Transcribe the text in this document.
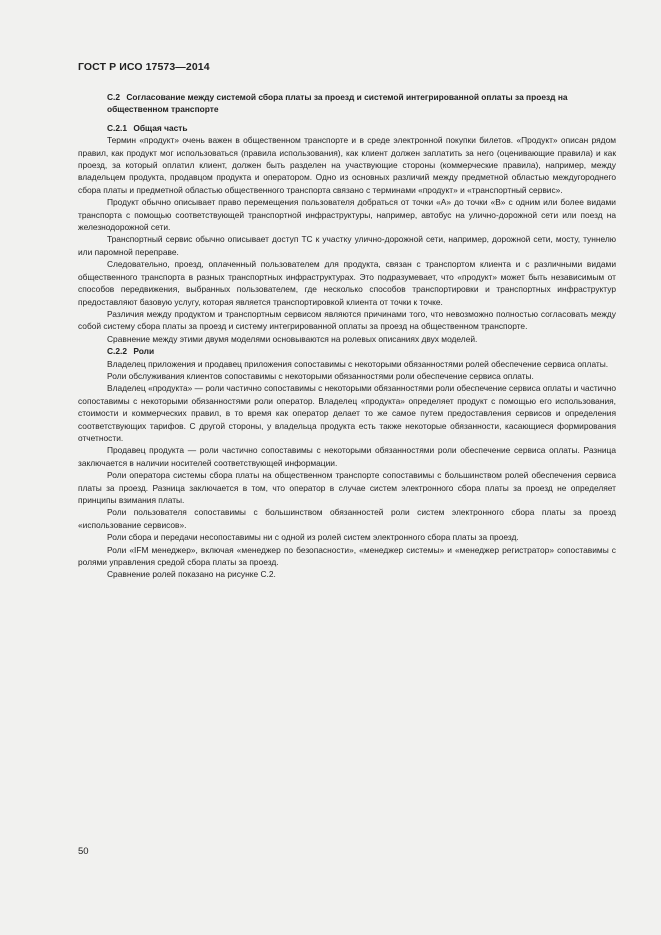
ГОСТ Р ИСО 17573—2014
C.2 Согласование между системой сбора платы за проезд и системой интегрированной оплаты за проезд на общественном транспорте
C.2.1 Общая часть

Термин «продукт» очень важен в общественном транспорте и в среде электронной покупки билетов. «Продукт» описан рядом правил, как продукт мог использоваться (правила использования), как клиент должен заплатить за него (оценивающие правила) и как проезд, за который оплатил клиент, должен быть разделен на участвующие стороны (коммерческие правила), например, между владельцем продукта, продавцом продукта и оператором. Одно из основных различий между предметной областью междугороднего сбора платы и предметной областью общественного транспорта связано с терминами «продукт» и «транспортный сервис».

Продукт обычно описывает право перемещения пользователя добраться от точки «А» до точки «В» с одним или более видами транспорта с помощью соответствующей транспортной инфраструктуры, например, автобус на улично-дорожной сети или поезд на железнодорожной сети.

Транспортный сервис обычно описывает доступ ТС к участку улично-дорожной сети, например, дорожной сети, мосту, туннелю или паромной переправе.

Следовательно, проезд, оплаченный пользователем для продукта, связан с транспортом клиента и с различными видами общественного транспорта в разных транспортных инфраструктурах. Это подразумевает, что «продукт» может быть независимым от способов передвижения, выбранных пользователем, где несколько способов транспортировки и транспортных инфраструктур предоставляют базовую услугу, которая является транспортировкой клиента от точки к точке.

Различия между продуктом и транспортным сервисом являются причинами того, что невозможно полностью согласовать между собой систему сбора платы за проезд и систему интегрированной оплаты за проезд на общественном транспорте.

Сравнение между этими двумя моделями основываются на ролевых описаниях двух моделей.

C.2.2 Роли

Владелец приложения и продавец приложения сопоставимы с некоторыми обязанностями ролей обеспечение сервиса оплаты.

Роли обслуживания клиентов сопоставимы с некоторыми обязанностями роли обеспечение сервиса оплаты.

Владелец «продукта» — роли частично сопоставимы с некоторыми обязанностями роли обеспечение сервиса оплаты и частично сопоставимы с некоторыми обязанностями роли оператор. Владелец «продукта» определяет продукт с помощью его использования, стоимости и коммерческих правил, в то время как оператор делает то же самое путем предоставления сервисов и определения соответствующих тарифов. С другой стороны, у владельца продукта есть также некоторые обязанности, касающиеся формирования отчетности.

Продавец продукта — роли частично сопоставимы с некоторыми обязанностями роли обеспечение сервиса оплаты. Разница заключается в наличии носителей соответствующей информации.

Роли оператора системы сбора платы на общественном транспорте сопоставимы с большинством ролей обеспечения сервиса платы за проезд. Разница заключается в том, что оператор в случае систем электронного сбора платы за проезд не определяет принципы взимания платы.

Роли пользователя сопоставимы с большинством обязанностей роли систем электронного сбора платы за проезд «использование сервисов».

Роли сбора и передачи несопоставимы ни с одной из ролей систем электронного сбора платы за проезд.

Роли «IFM менеджер», включая «менеджер по безопасности», «менеджер системы» и «менеджер регистратор» сопоставимы с ролями управления средой сбора платы за проезд.

Сравнение ролей показано на рисунке С.2.

50
